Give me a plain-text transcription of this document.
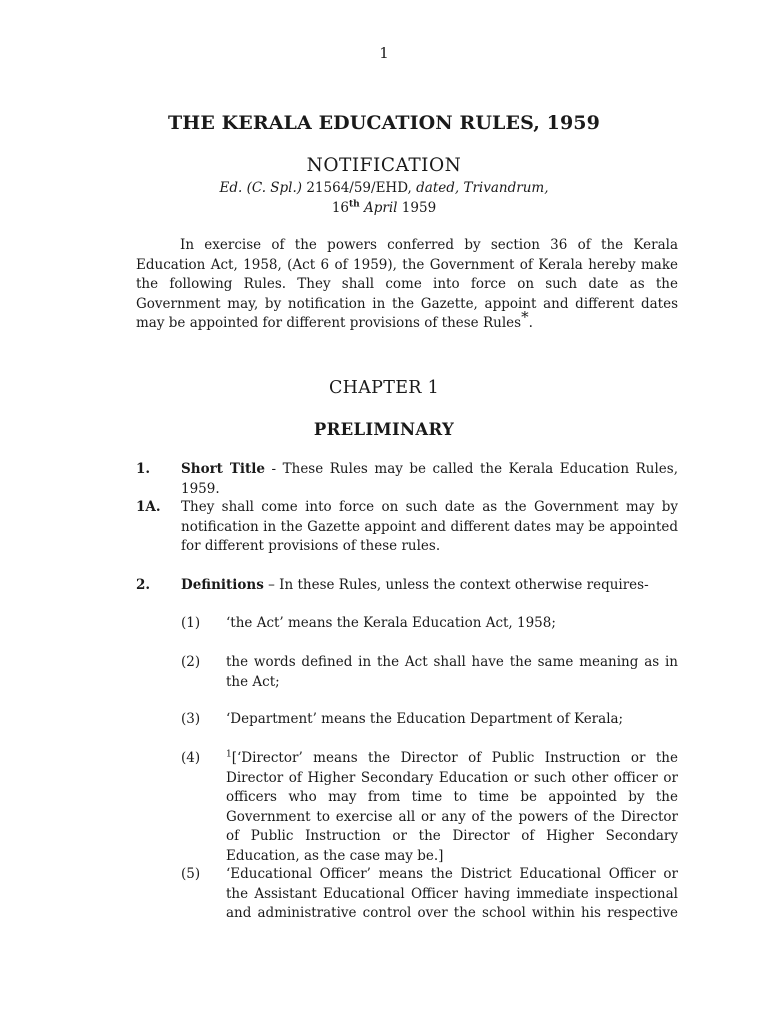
1
THE KERALA EDUCATION RULES, 1959
NOTIFICATION
Ed. (C. Spl.) 21564/59/EHD, dated, Trivandrum,
16th April 1959

In exercise of the powers conferred by section 36 of the Kerala Education Act, 1958, (Act 6 of 1959), the Government of Kerala hereby make the following Rules. They shall come into force on such date as the Government may, by notification in the Gazette, appoint and different dates may be appointed for different provisions of these Rules*.

CHAPTER 1
PRELIMINARY
1. Short Title - These Rules may be called the Kerala Education Rules, 1959.
1A. They shall come into force on such date as the Government may by notification in the Gazette appoint and different dates may be appointed for different provisions of these rules.
2. Definitions – In these Rules, unless the context otherwise requires-
(1) ‘the Act’ means the Kerala Education Act, 1958;
(2) the words defined in the Act shall have the same meaning as in the Act;
(3) ‘Department’ means the Education Department of Kerala;
(4)	$^1$[‘Director’ means the Director of Public Instruction or the Director of Higher Secondary Education or such other officer or officers who may from time to time be appointed by the Government to exercise all or any of the powers of the Director of Public Instruction or the Director of Higher Secondary Education, as the case may be.]
(5) ‘Educational Officer’ means the District Educational Officer or the Assistant Educational Officer having immediate inspectional and administrative control over the school within his respective
